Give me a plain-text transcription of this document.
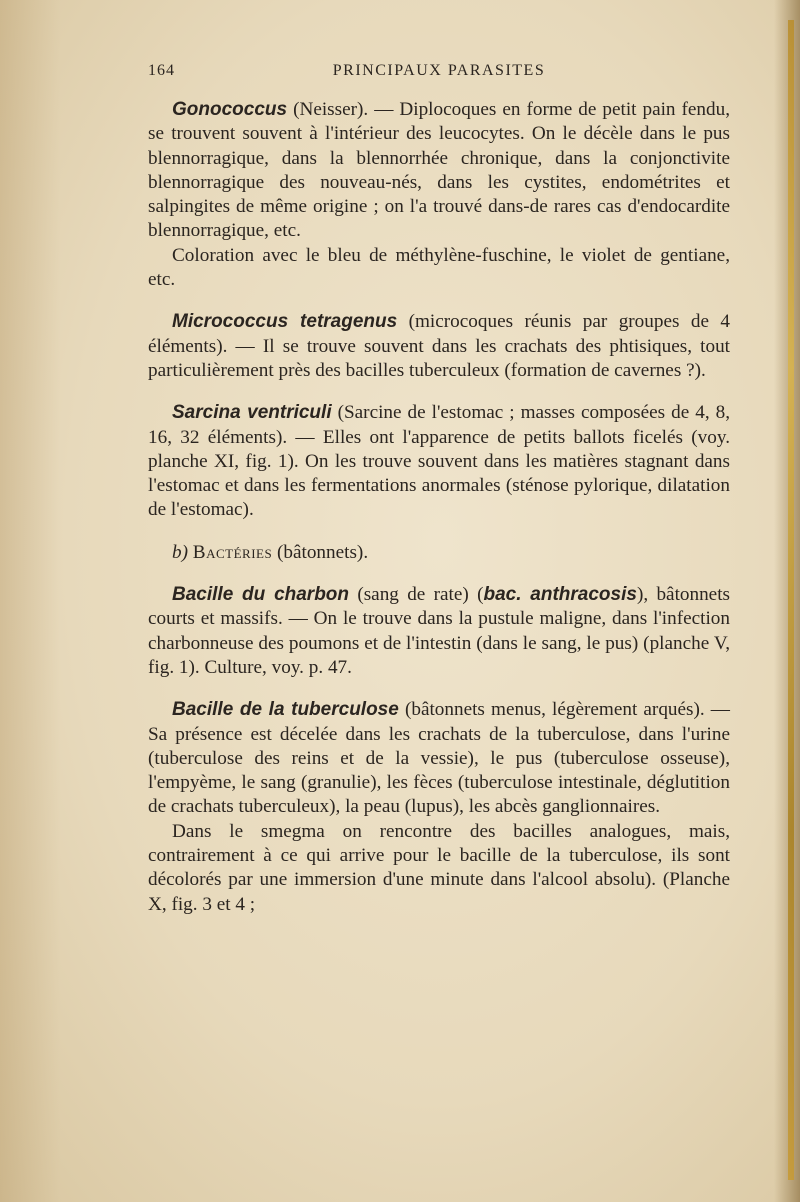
164	PRINCIPAUX PARASITES

Gonococcus (Neisser). — Diplocoques en forme de petit pain fendu, se trouvent souvent à l'intérieur des leucocytes. On le décèle dans le pus blennorragique, dans la blennorrhée chronique, dans la conjonctivite blennorragique des nouveau-nés, dans les cystites, endométrites et salpingites de même origine ; on l'a trouvé dans-de rares cas d'endocardite blennorragique, etc.

Coloration avec le bleu de méthylène-fuschine, le violet de gentiane, etc.

Micrococcus tetragenus (microcoques réunis par groupes de 4 éléments). — Il se trouve souvent dans les crachats des phtisiques, tout particulièrement près des bacilles tuberculeux (formation de cavernes ?).

Sarcina ventriculi (Sarcine de l'estomac ; masses composées de 4, 8, 16, 32 éléments). — Elles ont l'apparence de petits ballots ficelés (voy. planche XI, fig. 1). On les trouve souvent dans les matières stagnant dans l'estomac et dans les fermentations anormales (sténose pylorique, dilatation de l'estomac).

b) Bactéries (bâtonnets).

Bacille du charbon (sang de rate) (bac. anthracosis), bâtonnets courts et massifs. — On le trouve dans la pustule maligne, dans l'infection charbonneuse des poumons et de l'intestin (dans le sang, le pus) (planche V, fig. 1). Culture, voy. p. 47.

Bacille de la tuberculose (bâtonnets menus, légèrement arqués). — Sa présence est décelée dans les crachats de la tuberculose, dans l'urine (tuberculose des reins et de la vessie), le pus (tuberculose osseuse), l'empyème, le sang (granulie), les fèces (tuberculose intestinale, déglutition de crachats tuberculeux), la peau (lupus), les abcès ganglionnaires.

Dans le smegma on rencontre des bacilles analogues, mais, contrairement à ce qui arrive pour le bacille de la tuberculose, ils sont décolorés par une immersion d'une minute dans l'alcool absolu). (Planche X, fig. 3 et 4 ;
